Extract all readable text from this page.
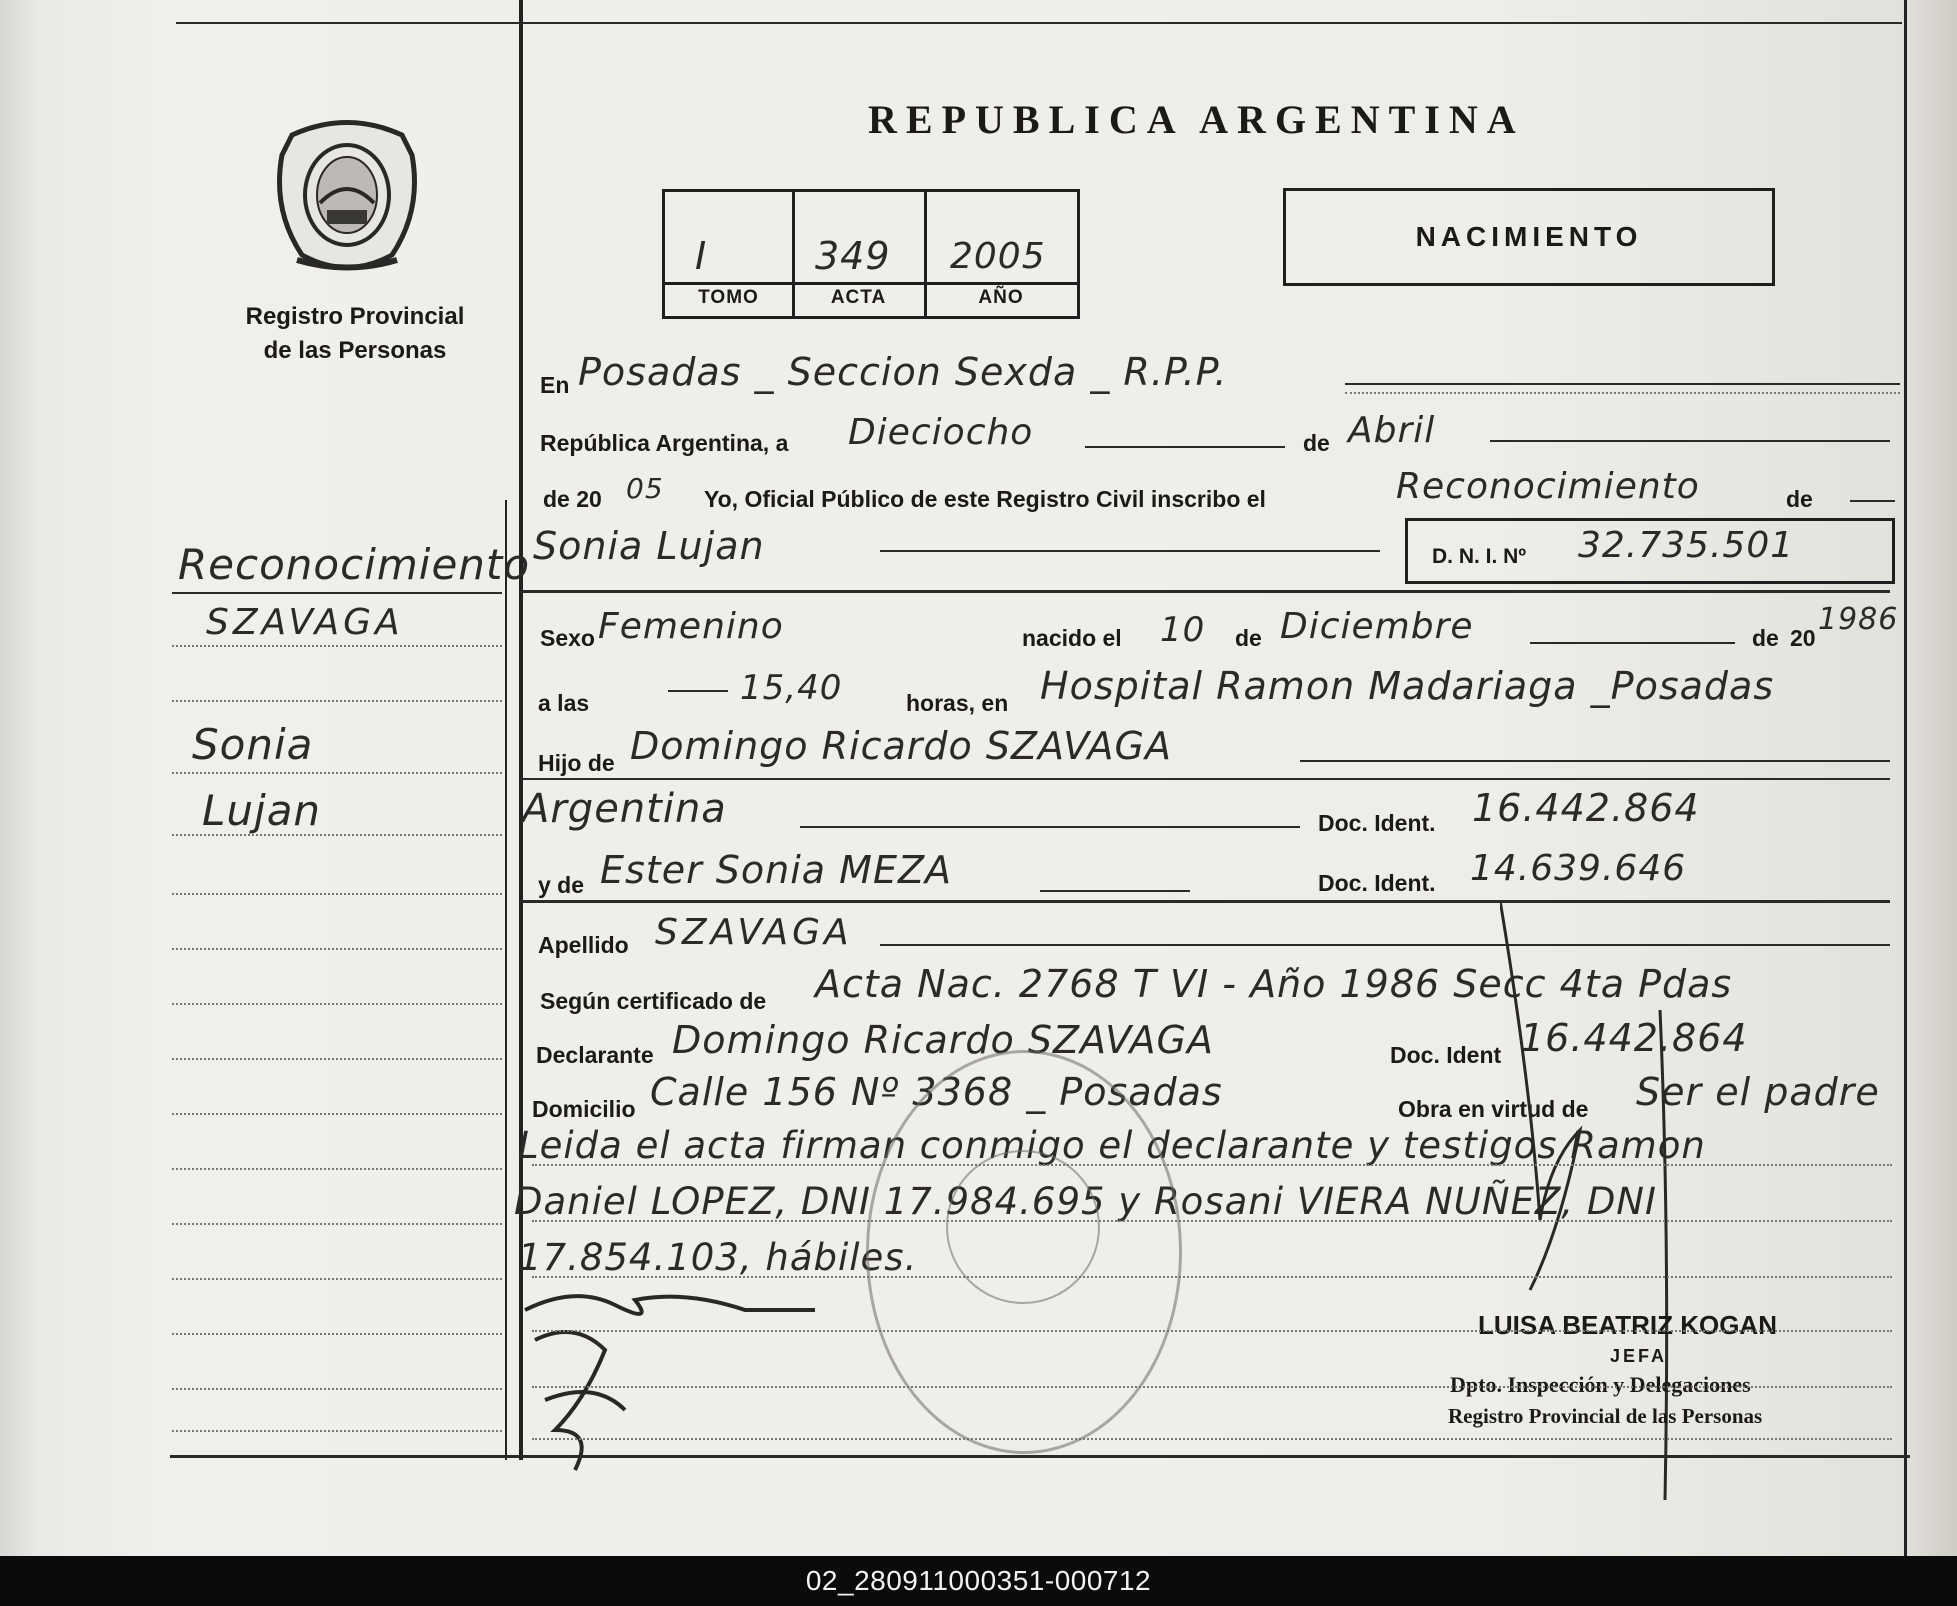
Registro Provincial
de las Personas
REPUBLICA ARGENTINA
I	349 2005
TOMO	ACTA	AÑO
NACIMIENTO
En Posadas _ Seccion Sexda _ R.P.P.
República Argentina, a Dieciocho	de Abril
de 20 05 Yo, Oficial Público de este Registro Civil inscribo el	Reconocimiento	de
Sonia Lujan	D. N. I. Nº 32.735.501
Sexo Femenino	nacido el 10 de Diciembre	de 20
1986
a las	15,40	horas, en Hospital Ramon Madariaga _Posadas
Hijo de Domingo Ricardo SZAVAGA
Argentina	Doc. Ident. 16.442.864
y de Ester Sonia MEZA	Doc. Ident. 14.639.646
Apellido SZAVAGA
Según certificado de Acta Nac. 2768 T VI - Año 1986 Secc 4ta Pdas
Declarante Domingo Ricardo SZAVAGA	Doc. Ident 16.442.864
Domicilio Calle 156 Nº 3368 _ Posadas	Obra en virtud de Ser el padre
Leida el acta firman conmigo el declarante y testigos Ramon
Daniel LOPEZ, DNI 17.984.695 y Rosani VIERA NUÑEZ, DNI
17.854.103, hábiles.
LUISA BEATRIZ KOGAN
JEFA
Dpto. Inspección y Delegaciones
Registro Provincial de las Personas
Reconocimiento
SZAVAGA
Sonia
Lujan
02_280911000351-000712
